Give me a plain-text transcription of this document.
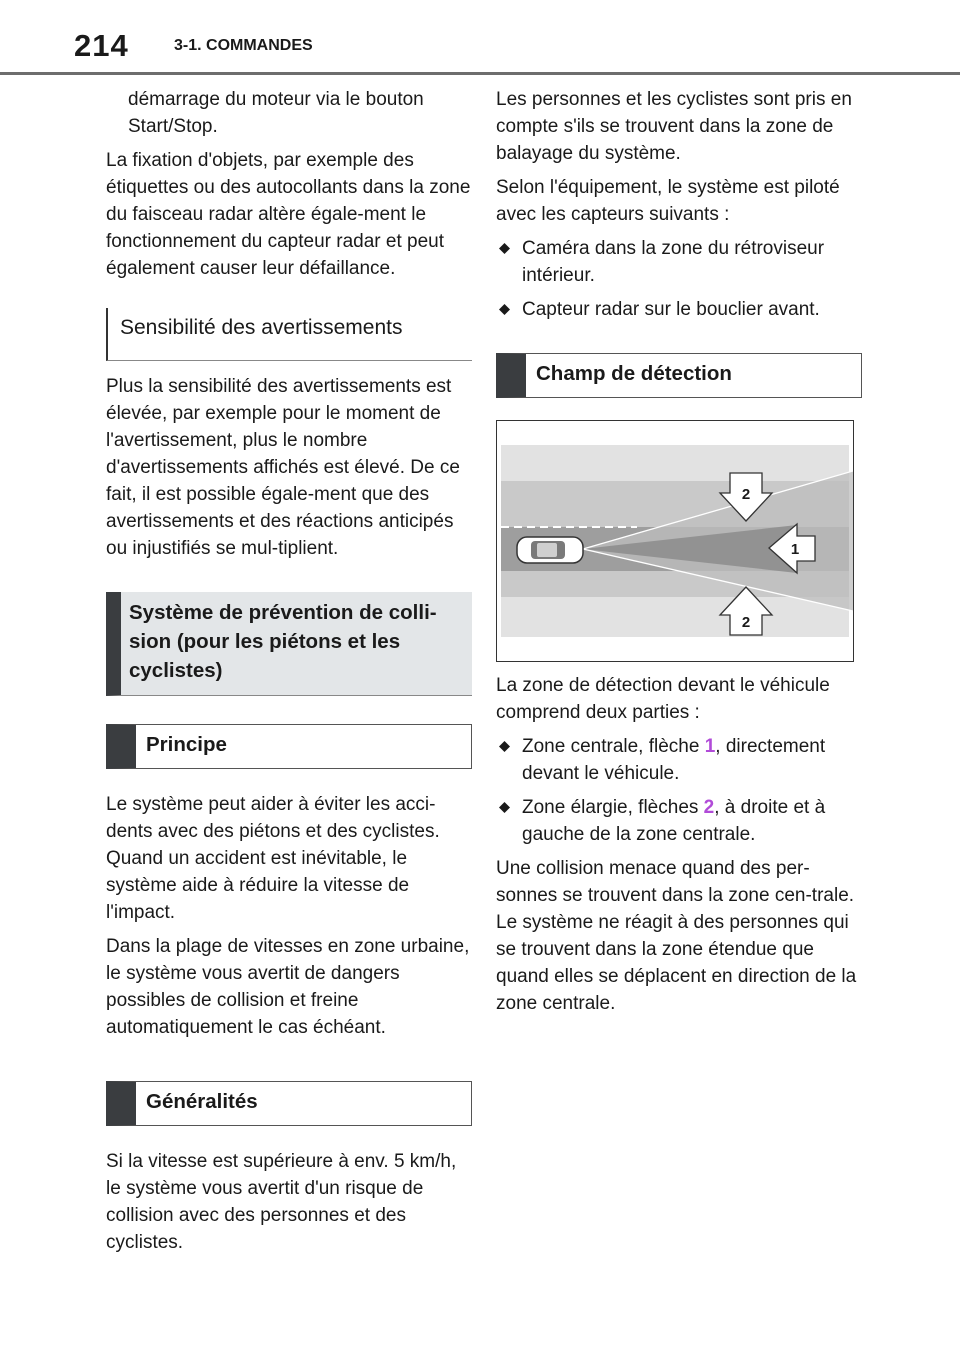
214	3-1. COMMANDES

démarrage du moteur via le bouton Start/Stop.

La fixation d'objets, par exemple des étiquettes ou des autocollants dans la zone du faisceau radar altère égale-ment le fonctionnement du capteur radar et peut également causer leur défaillance.

Sensibilité des avertissements

Plus la sensibilité des avertissements est élevée, par exemple pour le moment de l'avertissement, plus le nombre d'avertissements affichés est élevé. De ce fait, il est possible égale-ment que des avertissements et des réactions anticipés ou injustifiés se mul-tiplient.

Système de prévention de colli-sion (pour les piétons et les cyclistes)
Principe

Le système peut aider à éviter les acci-dents avec des piétons et des cyclistes. Quand un accident est inévitable, le système aide à réduire la vitesse de l'impact.

Dans la plage de vitesses en zone urbaine, le système vous avertit de dangers possibles de collision et freine automatiquement le cas échéant.

Généralités

Si la vitesse est supérieure à env. 5 km/h, le système vous avertit d'un risque de collision avec des personnes et des cyclistes.

Les personnes et les cyclistes sont pris en compte s'ils se trouvent dans la zone de balayage du système.

Selon l'équipement, le système est piloté avec les capteurs suivants :

Caméra dans la zone du rétroviseur intérieur.
Capteur radar sur le bouclier avant.
Champ de détection
2
1
2

La zone de détection devant le véhicule comprend deux parties :

Zone centrale, flèche 1, directement devant le véhicule.
Zone élargie, flèches 2, à droite et à gauche de la zone centrale.

Une collision menace quand des per-sonnes se trouvent dans la zone cen-trale. Le système ne réagit à des personnes qui se trouvent dans la zone étendue que quand elles se déplacent en direction de la zone centrale.
